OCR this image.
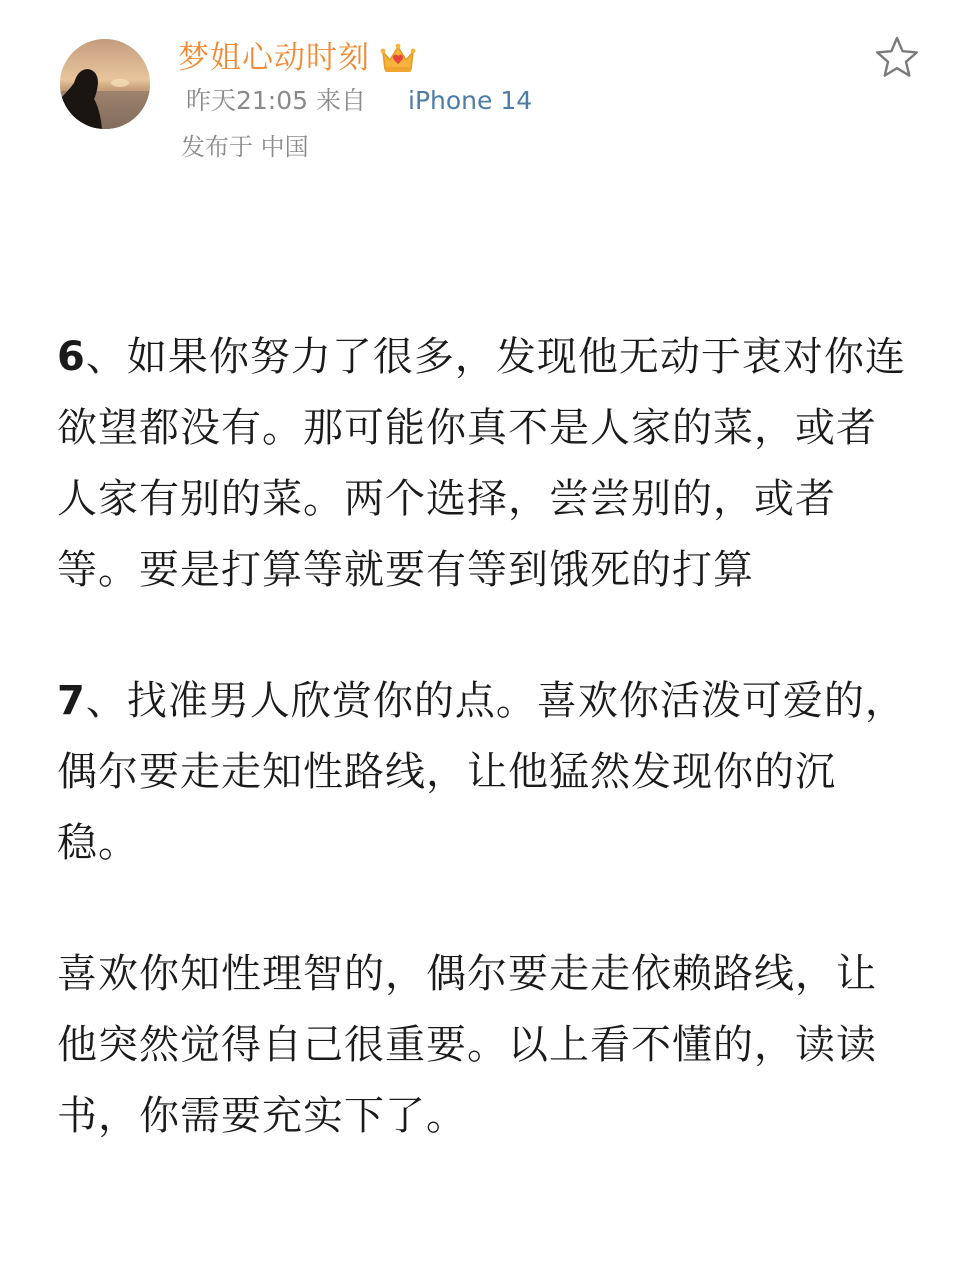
梦姐心动时刻
昨天21:05 来自 iPhone 14
发布于 中国

6、如果你努力了很多，发现他无动于衷对你连欲望都没有。那可能你真不是人家的菜，或者人家有别的菜。两个选择，尝尝别的，或者等。要是打算等就要有等到饿死的打算

7、找准男人欣赏你的点。喜欢你活泼可爱的，偶尔要走走知性路线，让他猛然发现你的沉稳。

喜欢你知性理智的，偶尔要走走依赖路线，让他突然觉得自己很重要。以上看不懂的，读读书，你需要充实下了。
